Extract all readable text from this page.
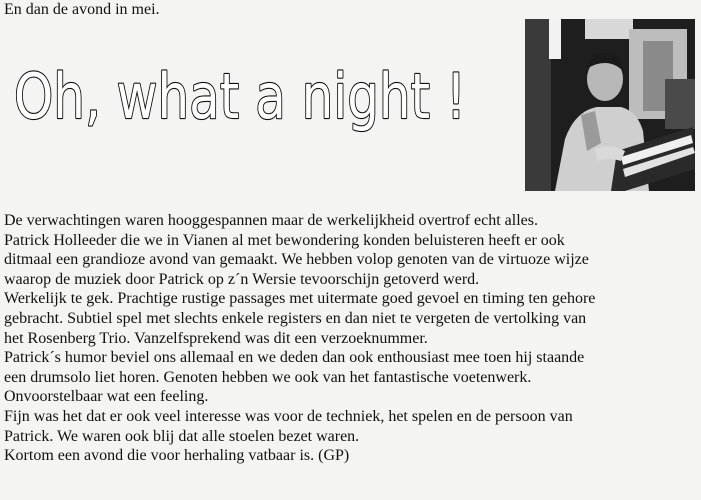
En dan de avond in mei.
Oh, what a night !

De verwachtingen waren hooggespannen maar de werkelijkheid overtrof echt alles.

Patrick Holleeder die we in Vianen al met bewondering konden beluisteren heeft er ook

ditmaal een grandioze avond van gemaakt. We hebben volop genoten van de virtuoze wijze

waarop de muziek door Patrick op z´n Wersie tevoorschijn getoverd werd.

Werkelijk te gek. Prachtige rustige passages met uitermate goed gevoel en timing ten gehore

gebracht. Subtiel spel met slechts enkele registers en dan niet te vergeten de vertolking van

het Rosenberg Trio. Vanzelfsprekend was dit een verzoeknummer.

Patrick´s humor beviel ons allemaal en we deden dan ook enthousiast mee toen hij staande

een drumsolo liet horen. Genoten hebben we ook van het fantastische voetenwerk.

Onvoorstelbaar wat een feeling.

Fijn was het dat er ook veel interesse was voor de techniek, het spelen en de persoon van

Patrick. We waren ook blij dat alle stoelen bezet waren.

Kortom een avond die voor herhaling vatbaar is. (GP)
